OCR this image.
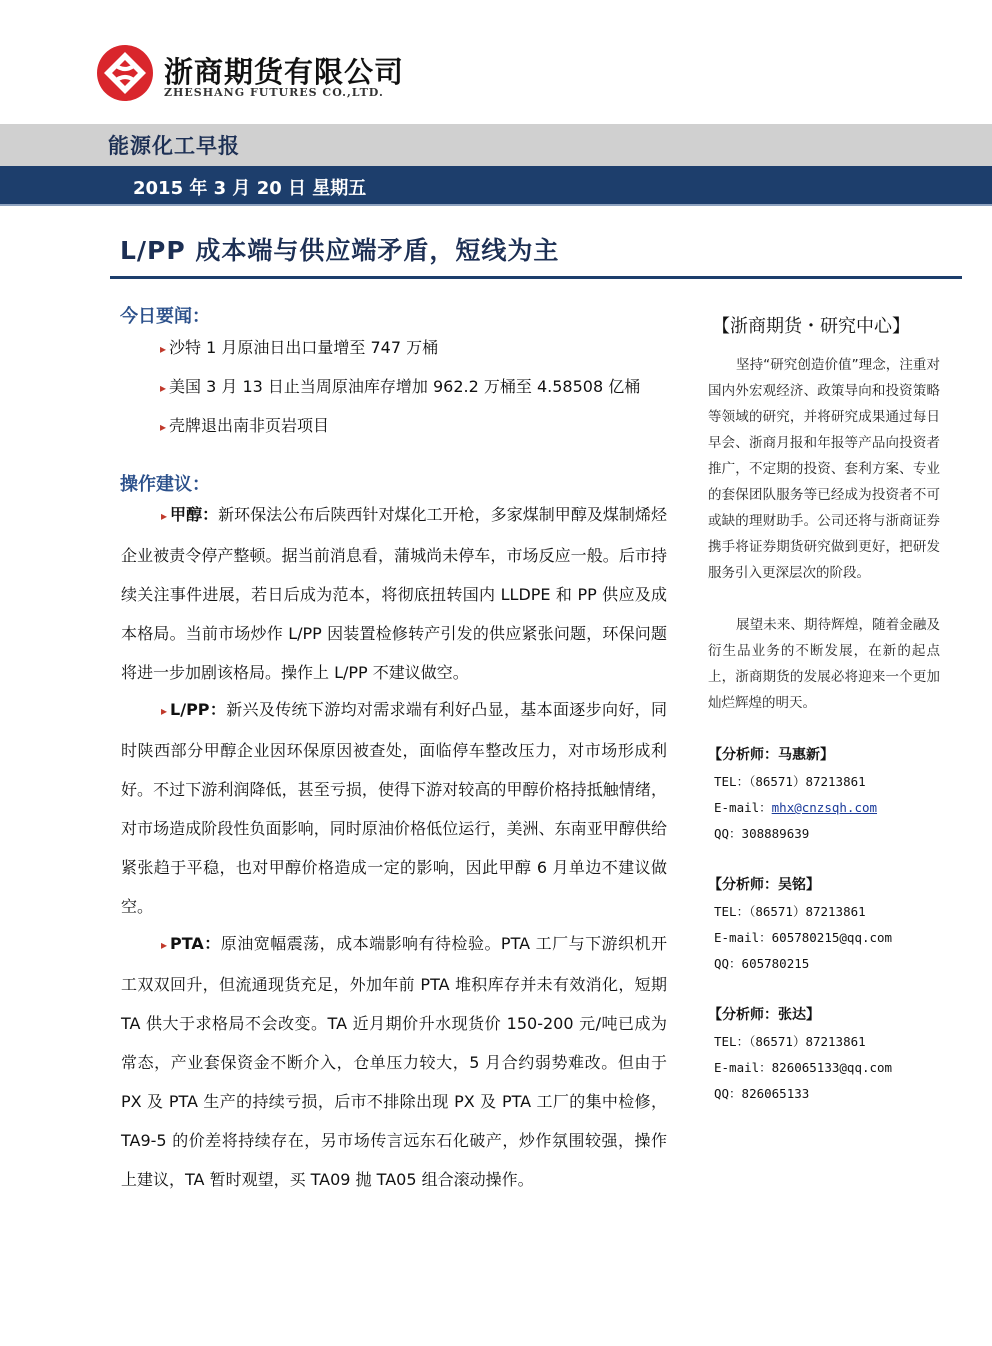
浙商期货有限公司
ZHESHANG FUTURES CO.,LTD.
能源化工早报
2015 年 3 月 20 日 星期五
L/PP 成本端与供应端矛盾，短线为主
今日要闻：
▸ 沙特 1 月原油日出口量增至 747 万桶
▸ 美国 3 月 13 日止当周原油库存增加 962.2 万桶至 4.58508 亿桶
▸ 壳牌退出南非页岩项目
操作建议：
▸ 甲醇：新环保法公布后陕西针对煤化工开枪，多家煤制甲醇及煤制烯烃企业被责令停产整顿。据当前消息看，蒲城尚未停车，市场反应一般。后市持续关注事件进展，若日后成为范本，将彻底扭转国内 LLDPE 和 PP 供应及成本格局。当前市场炒作 L/PP 因装置检修转产引发的供应紧张问题，环保问题将进一步加剧该格局。操作上 L/PP 不建议做空。
▸ L/PP：新兴及传统下游均对需求端有利好凸显，基本面逐步向好，同时陕西部分甲醇企业因环保原因被查处，面临停车整改压力，对市场形成利好。不过下游利润降低，甚至亏损，使得下游对较高的甲醇价格持抵触情绪，对市场造成阶段性负面影响，同时原油价格低位运行，美洲、东南亚甲醇供给紧张趋于平稳，也对甲醇价格造成一定的影响，因此甲醇 6 月单边不建议做空。
▸ PTA：原油宽幅震荡，成本端影响有待检验。PTA 工厂与下游织机开工双双回升，但流通现货充足，外加年前 PTA 堆积库存并未有效消化，短期 TA 供大于求格局不会改变。TA 近月期价升水现货价 150-200 元/吨已成为常态，产业套保资金不断介入，仓单压力较大，5 月合约弱势难改。但由于 PX 及 PTA 生产的持续亏损，后市不排除出现 PX 及 PTA 工厂的集中检修，TA9-5 的价差将持续存在，另市场传言远东石化破产，炒作氛围较强，操作上建议，TA 暂时观望，买 TA09 抛 TA05 组合滚动操作。
【浙商期货・研究中心】
坚持“研究创造价值”理念，注重对国内外宏观经济、政策导向和投资策略等领域的研究，并将研究成果通过每日早会、浙商月报和年报等产品向投资者推广，不定期的投资、套利方案、专业的套保团队服务等已经成为投资者不可或缺的理财助手。公司还将与浙商证券携手将证券期货研究做到更好，把研发服务引入更深层次的阶段。
展望未来、期待辉煌，随着金融及衍生品业务的不断发展，在新的起点上，浙商期货的发展必将迎来一个更加灿烂辉煌的明天。
【分析师：马惠新】
TEL：（86571）87213861
E-mail：mhx@cnzsqh.com
QQ：308889639
【分析师：吴铭】
TEL：（86571）87213861
E-mail：605780215@qq.com
QQ：605780215
【分析师：张达】
TEL：（86571）87213861
E-mail：826065133@qq.com
QQ：826065133
